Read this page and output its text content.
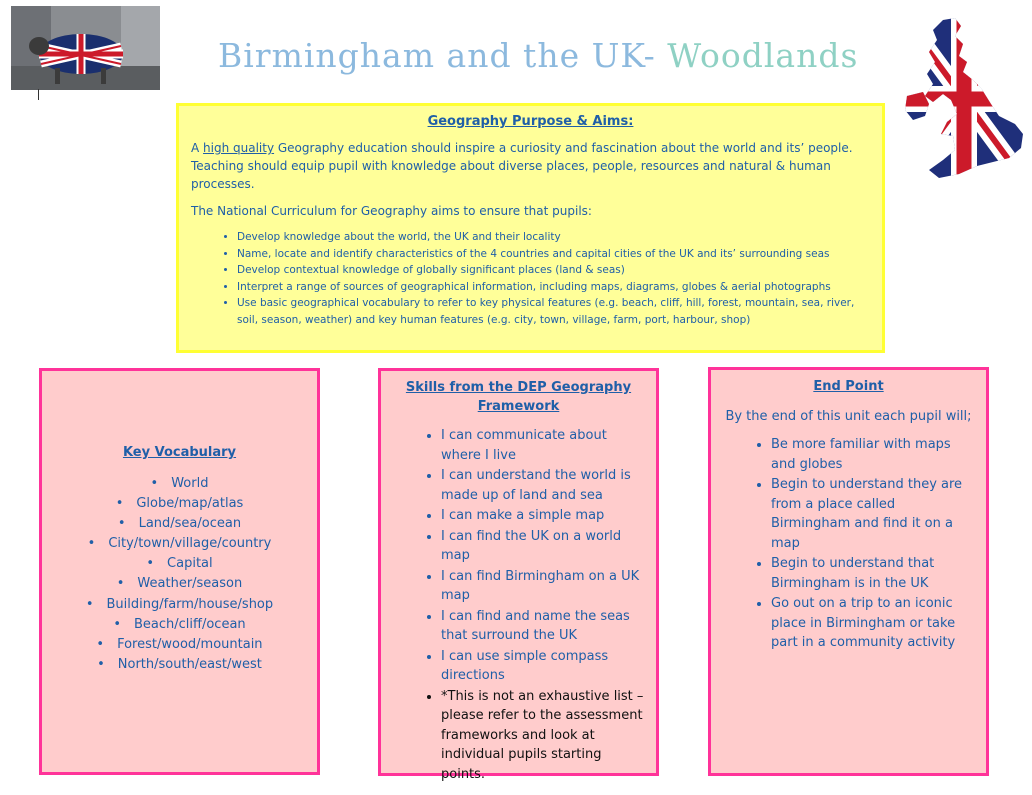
Birmingham and the UK- Woodlands
Geography Purpose & Aims:

A high quality Geography education should inspire a curiosity and fascination about the world and its’ people. Teaching should equip pupil with knowledge about diverse places, people, resources and natural & human processes.

The National Curriculum for Geography aims to ensure that pupils:

• Develop knowledge about the world, the UK and their locality
• Name, locate and identify characteristics of the 4 countries and capital cities of the UK and its’ surrounding seas
• Develop contextual knowledge of globally significant places (land & seas)
• Interpret a range of sources of geographical information, including maps, diagrams, globes & aerial photographs
• Use basic geographical vocabulary to refer to key physical features (e.g. beach, cliff, hill, forest, mountain, sea, river, soil, season, weather) and key human features (e.g. city, town, village, farm, port, harbour, shop)
Key Vocabulary
• World
• Globe/map/atlas
• Land/sea/ocean
• City/town/village/country
• Capital
• Weather/season
• Building/farm/house/shop
• Beach/cliff/ocean
• Forest/wood/mountain
• North/south/east/west
Skills from the DEP Geography Framework
• I can communicate about where I live
• I can understand the world is made up of land and sea
• I can make a simple map
• I can find the UK on a world map
• I can find Birmingham on a UK map
• I can find and name the seas that surround the UK
• I can use simple compass directions
• *This is not an exhaustive list – please refer to the assessment frameworks and look at individual pupils starting points.
End Point

By the end of this unit each pupil will;

• Be more familiar with maps and globes
• Begin to understand they are from a place called Birmingham and find it on a map
• Begin to understand that Birmingham is in the UK
• Go out on a trip to an iconic place in Birmingham or take part in a community activity
